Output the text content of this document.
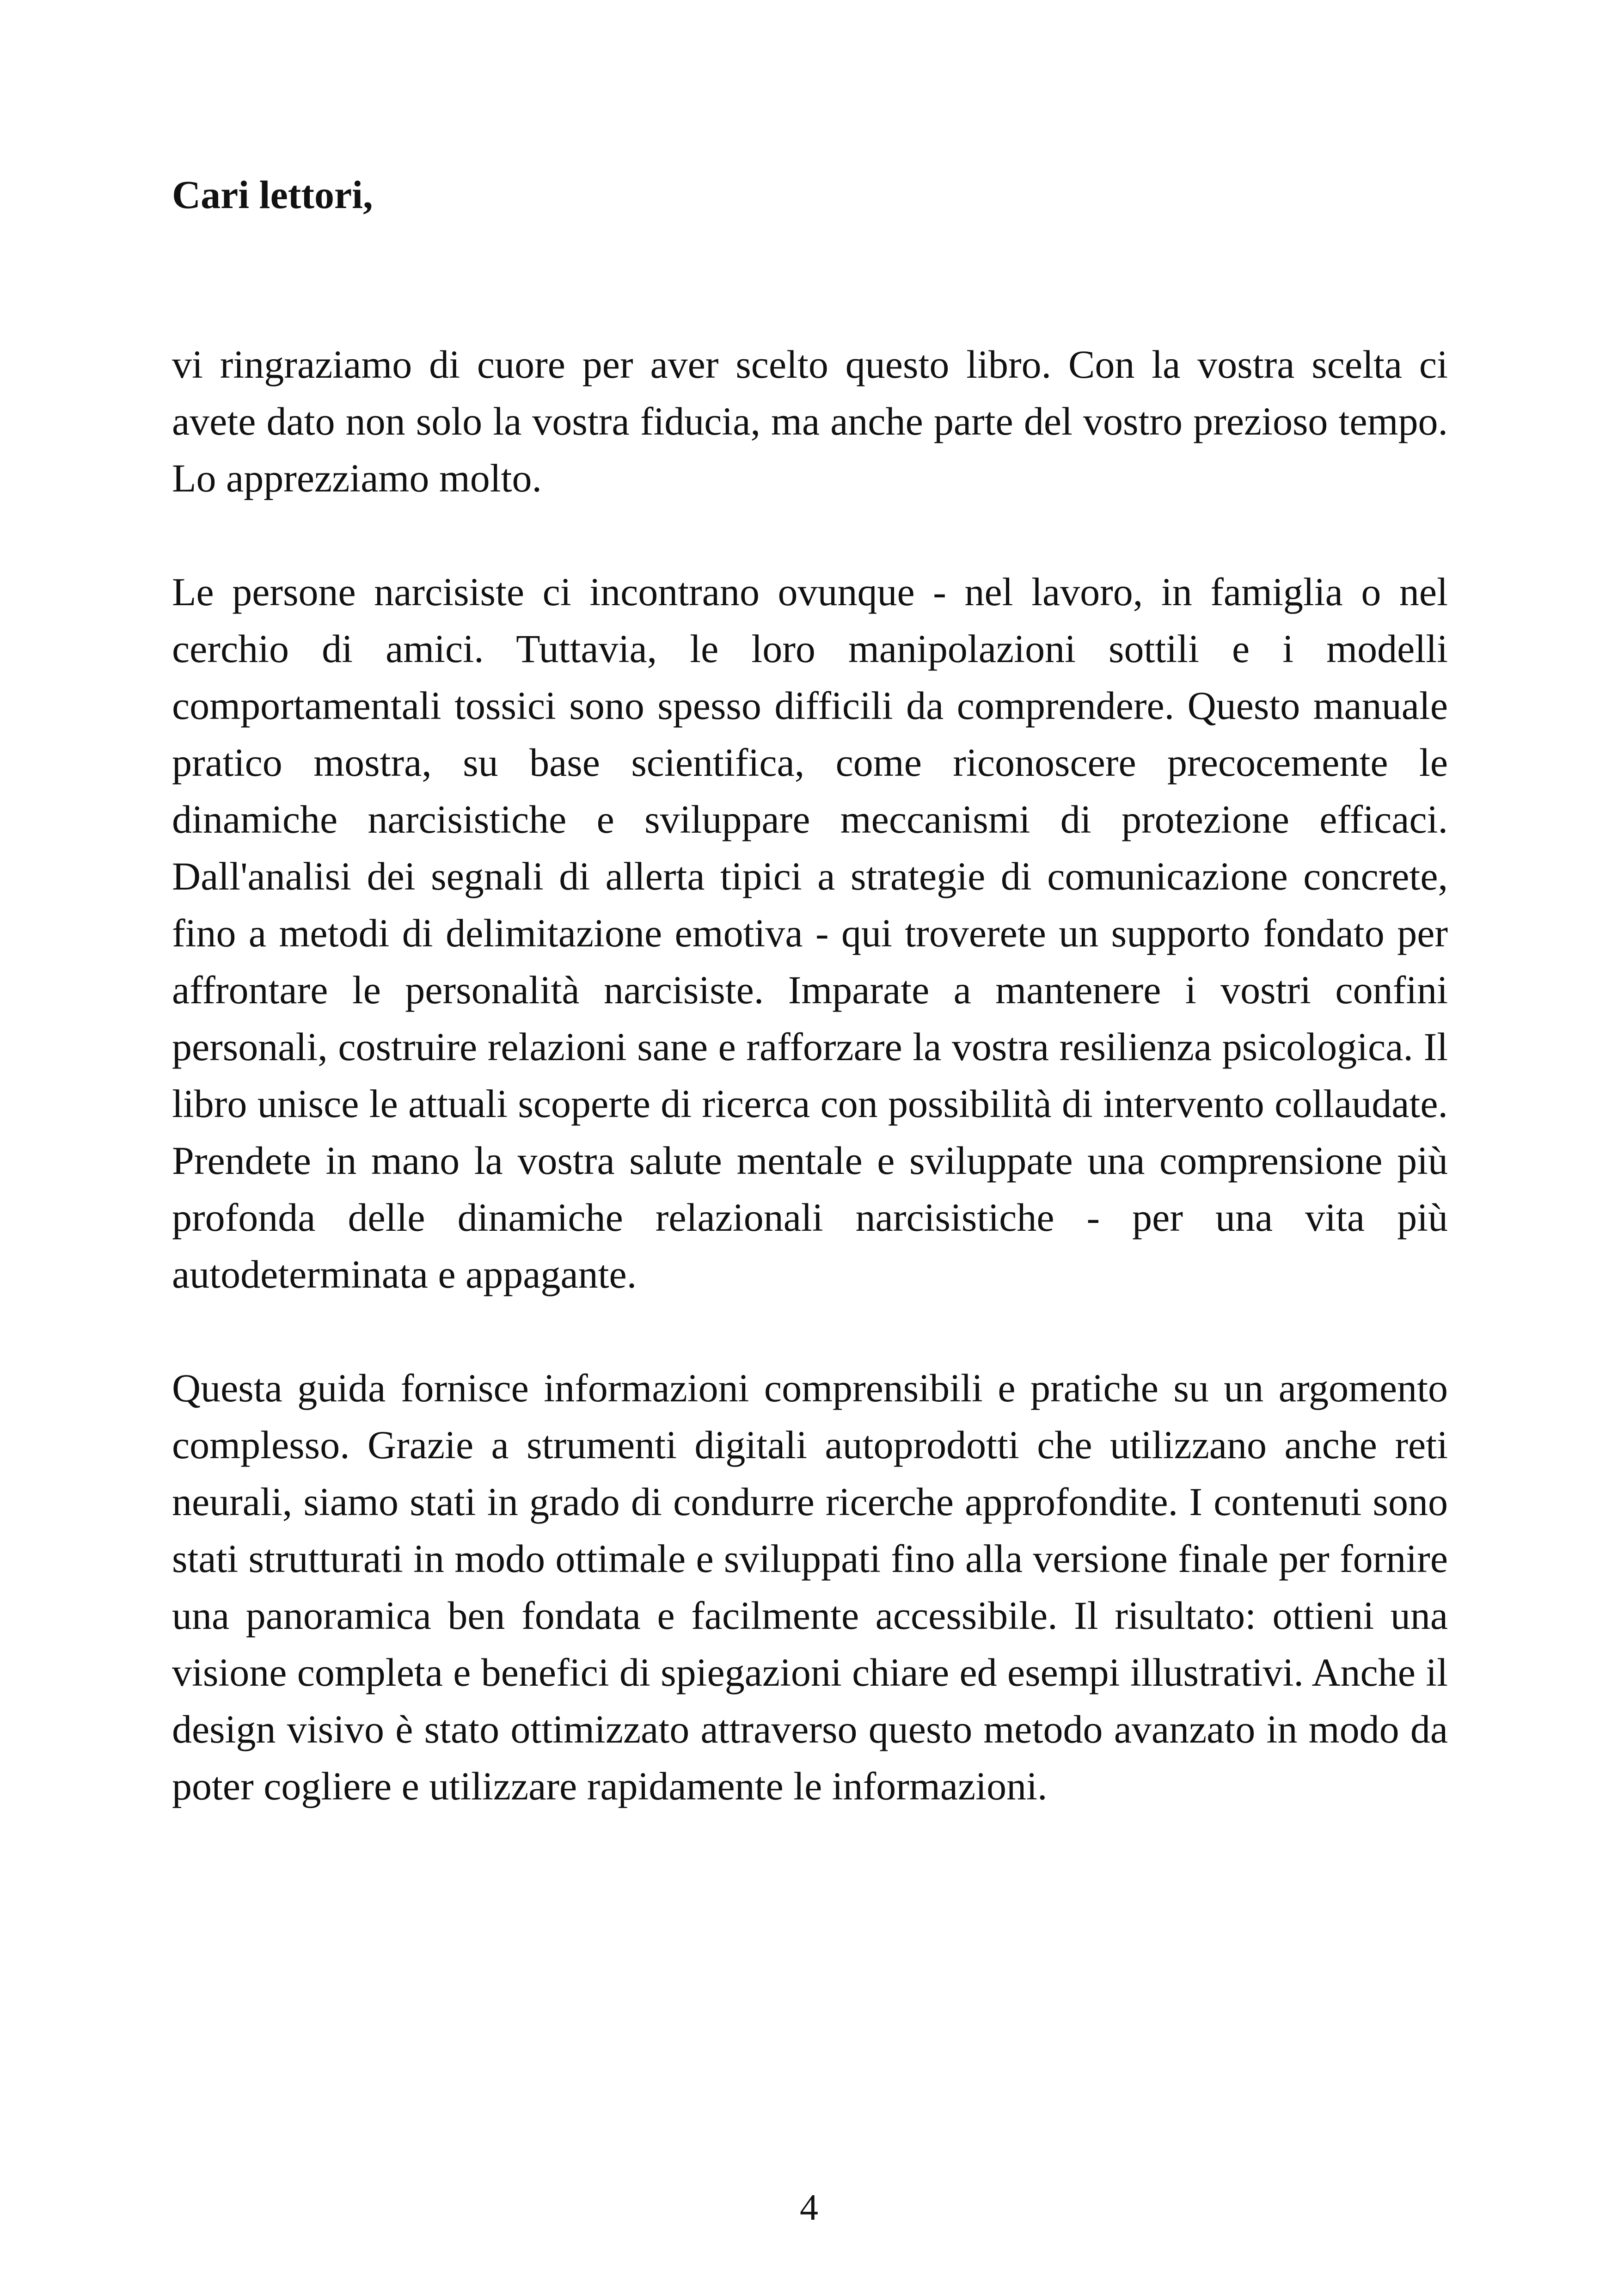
Cari lettori,

vi ringraziamo di cuore per aver scelto questo libro. Con la vostra scelta ci avete dato non solo la vostra fiducia, ma anche parte del vostro prezioso tempo. Lo apprezziamo molto.

Le persone narcisiste ci incontrano ovunque - nel lavoro, in famiglia o nel cerchio di amici. Tuttavia, le loro manipolazioni sottili e i modelli comportamentali tossici sono spesso difficili da comprendere. Questo manuale pratico mostra, su base scientifica, come riconoscere precocemente le dinamiche narcisistiche e sviluppare meccanismi di protezione efficaci. Dall'analisi dei segnali di allerta tipici a strategie di comunicazione concrete, fino a metodi di delimitazione emotiva - qui troverete un supporto fondato per affrontare le personalità narcisiste. Imparate a mantenere i vostri confini personali, costruire relazioni sane e rafforzare la vostra resilienza psicologica. Il libro unisce le attuali scoperte di ricerca con possibilità di intervento collaudate. Prendete in mano la vostra salute mentale e sviluppate una comprensione più profonda delle dinamiche relazionali narcisistiche - per una vita più autodeterminata e appagante.

Questa guida fornisce informazioni comprensibili e pratiche su un argomento complesso. Grazie a strumenti digitali autoprodotti che utilizzano anche reti neurali, siamo stati in grado di condurre ricerche approfondite. I contenuti sono stati strutturati in modo ottimale e sviluppati fino alla versione finale per fornire una panoramica ben fondata e facilmente accessibile. Il risultato: ottieni una visione completa e benefici di spiegazioni chiare ed esempi illustrativi. Anche il design visivo è stato ottimizzato attraverso questo metodo avanzato in modo da poter cogliere e utilizzare rapidamente le informazioni.

4
